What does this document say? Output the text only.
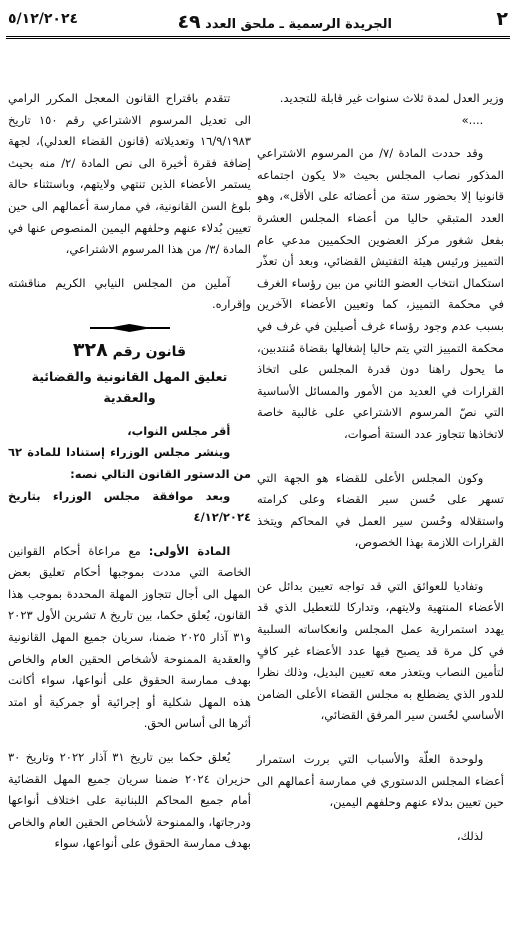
٢
الجريدة الرسمية ـ ملحق العدد ٤٩
٥/١٢/٢٠٢٤

وزير العدل لمدة ثلاث سنوات غير قابلة للتجديد.

....»

وقد حددت المادة /٧/ من المرسوم الاشتراعي المذكور نصاب المجلس بحيث «لا يكون اجتماعه قانونيا إلا بحضور ستة من أعضائه على الأقل»، وهو العدد المتبقي حاليا من أعضاء المجلس العشرة بفعل شغور مركز العضوين الحكميين مدعي عام التمييز ورئيس هيئة التفتيش القضائي، وبعد أن تعذّر استكمال انتخاب العضو الثاني من بين رؤساء الغرف في محكمة التمييز، كما وتعيين الأعضاء الآخرين بسبب عدم وجود رؤساء غرف أصيلين في غرف في محكمة التمييز التي يتم حاليا إشغالها بقضاة مُنتدبين، ما يحول راهنا دون قدرة المجلس على اتخاذ القرارات في العديد من الأمور والمسائل الأساسية التي نصّ المرسوم الاشتراعي على غالبية خاصة لاتخاذها تتجاوز عدد الستة أصوات،

وكون المجلس الأعلى للقضاء هو الجهة التي تسهر على حُسن سير القضاء وعلى كرامته واستقلاله وحُسن سير العمل في المحاكم ويتخذ القرارات اللازمة بهذا الخصوص،

وتفاديا للعوائق التي قد تواجه تعيين بدائل عن الأعضاء المنتهية ولايتهم، وتداركا للتعطيل الذي قد يهدد استمرارية عمل المجلس وانعكاساته السلبية في كل مرة قد يصبح فيها عدد الأعضاء غير كافٍ لتأمين النصاب ويتعذر معه تعيين البديل، وذلك نظرا للدور الذي يضطلع به مجلس القضاء الأعلى الضامن الأساسي لحُسن سير المرفق القضائي،

ولوحدة العلّة والأسباب التي بررت استمرار أعضاء المجلس الدستوري في ممارسة أعمالهم الى حين تعيين بدلاء عنهم وحلفهم اليمين،

لذلك،

تتقدم باقتراح القانون المعجل المكرر الرامي الى تعديل المرسوم الاشتراعي رقم ١٥٠ تاريخ ١٦/٩/١٩٨٣ وتعديلاته (قانون القضاء العدلي)، لجهة إضافة فقرة أخيرة الى نص المادة /٢/ منه بحيث يستمر الأعضاء الذين تنتهي ولايتهم، وباستثناء حالة بلوغ السن القانونية، في ممارسة أعمالهم الى حين تعيين بُدلاء عنهم وحلفهم اليمين المنصوص عنها في المادة /٣/ من هذا المرسوم الاشتراعي،

آملين من المجلس النيابي الكريم مناقشته وإقراره.

قانون رقم ٣٢٨
تعليق المهل القانونية والقضائية والعقدية

أقر مجلس النواب،

وينشر مجلس الوزراء إستنادا للمادة ٦٢ من الدستور القانون التالي نصه:

وبعد موافقة مجلس الوزراء بتاريخ ٤/١٢/٢٠٢٤

المادة الأولى: مع مراعاة أحكام القوانين الخاصة التي مددت بموجبها أحكام تعليق بعض المهل الى أجال تتجاوز المهلة المحددة بموجب هذا القانون، يُعلق حكما، بين تاريخ ٨ تشرين الأول ٢٠٢٣ و٣١ آذار ٢٠٢٥ ضمنا، سريان جميع المهل القانونية والعقدية الممنوحة لأشخاص الحقين العام والخاص بهدف ممارسة الحقوق على أنواعها، سواء أكانت هذه المهل شكلية أو إجرائية أو جمركية أو امتد أثرها الى أساس الحق.

يُعلق حكما بين تاريخ ٣١ آذار ٢٠٢٢ وتاريخ ٣٠ حزيران ٢٠٢٤ ضمنا سريان جميع المهل القضائية أمام جميع المحاكم اللبنانية على اختلاف أنواعها ودرجاتها، والممنوحة لأشخاص الحقين العام والخاص بهدف ممارسة الحقوق على أنواعها، سواء
